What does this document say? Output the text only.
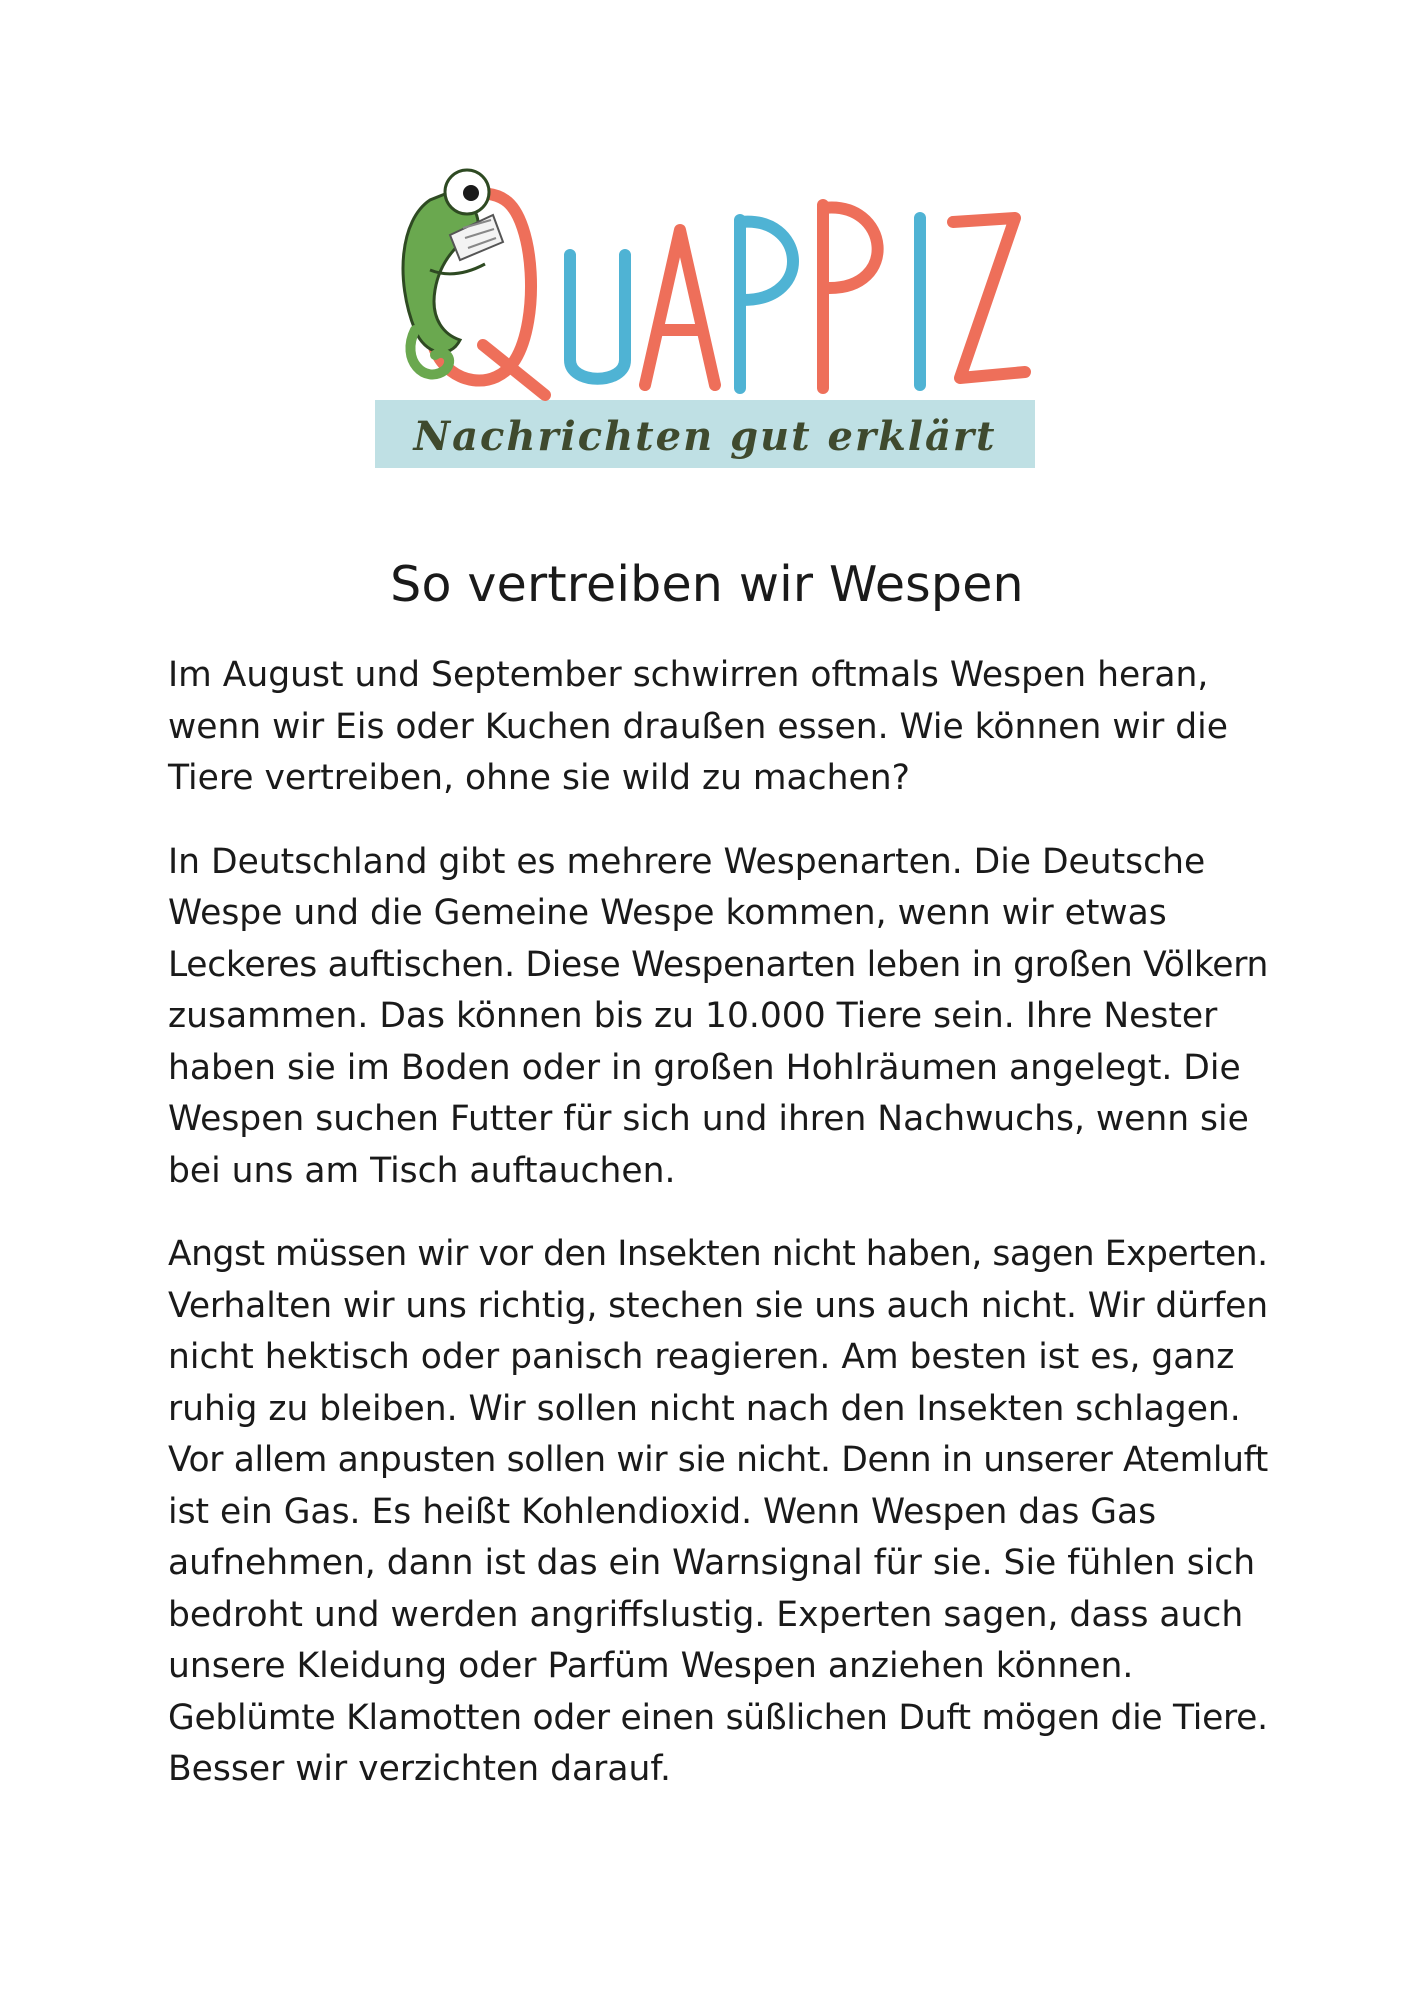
Nachrichten gut erklärt
So vertreiben wir Wespen

Im August und September schwirren oftmals Wespen heran,
wenn wir Eis oder Kuchen draußen essen. Wie können wir die
Tiere vertreiben, ohne sie wild zu machen?

In Deutschland gibt es mehrere Wespenarten. Die Deutsche
Wespe und die Gemeine Wespe kommen, wenn wir etwas
Leckeres auftischen. Diese Wespenarten leben in großen Völkern
zusammen. Das können bis zu 10.000 Tiere sein. Ihre Nester
haben sie im Boden oder in großen Hohlräumen angelegt. Die
Wespen suchen Futter für sich und ihren Nachwuchs, wenn sie
bei uns am Tisch auftauchen.

Angst müssen wir vor den Insekten nicht haben, sagen Experten.
Verhalten wir uns richtig, stechen sie uns auch nicht. Wir dürfen
nicht hektisch oder panisch reagieren. Am besten ist es, ganz
ruhig zu bleiben. Wir sollen nicht nach den Insekten schlagen.
Vor allem anpusten sollen wir sie nicht. Denn in unserer Atemluft
ist ein Gas. Es heißt Kohlendioxid. Wenn Wespen das Gas
aufnehmen, dann ist das ein Warnsignal für sie. Sie fühlen sich
bedroht und werden angriffslustig. Experten sagen, dass auch
unsere Kleidung oder Parfüm Wespen anziehen können.
Geblümte Klamotten oder einen süßlichen Duft mögen die Tiere.
Besser wir verzichten darauf.
